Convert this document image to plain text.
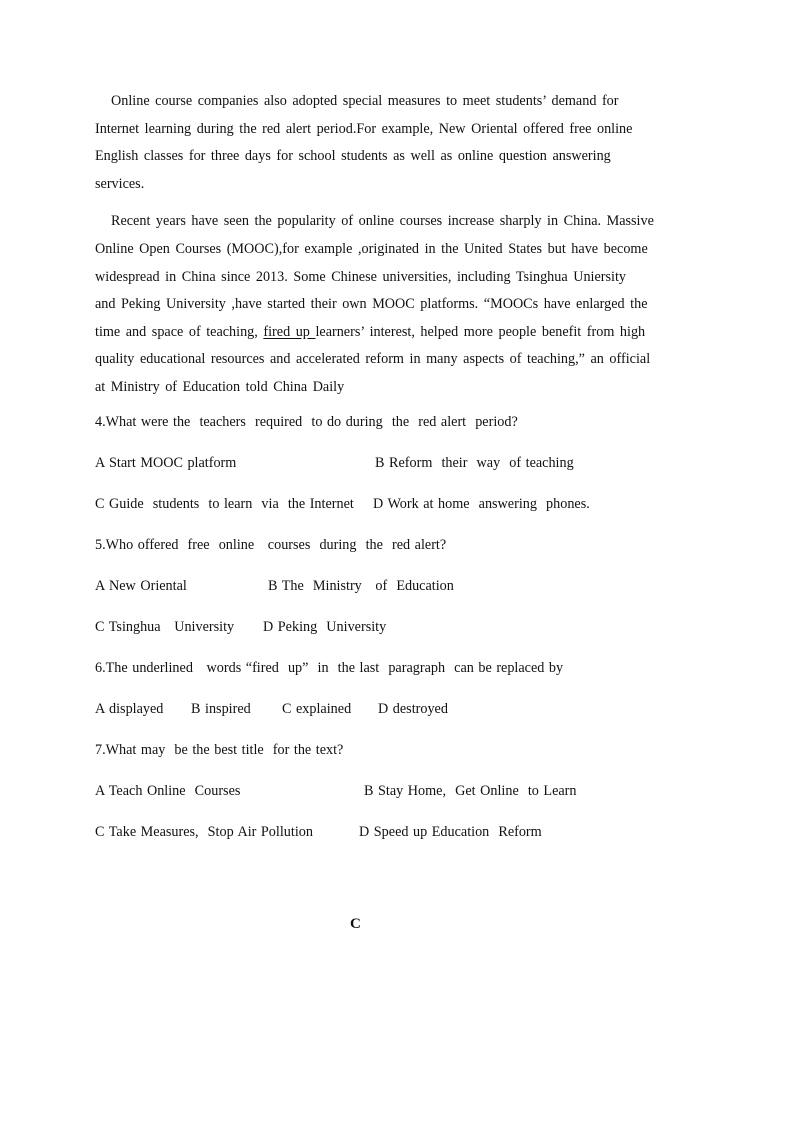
Online course companies also adopted special measures to meet students’ demand for
Internet learning during the red alert period.For example, New Oriental offered free online
English classes for three days for school students as well as online question answering
services.

Recent years have seen the popularity of online courses increase sharply in China. Massive
Online Open Courses (MOOC),for example ,originated in the United States but have become
widespread in China since 2013. Some Chinese universities, including Tsinghua Uniersity
and Peking University ,have started their own MOOC platforms. “MOOCs have enlarged the
time and space of teaching, fired up learners’ interest, helped more people benefit from high
quality educational resources and accelerated reform in many aspects of teaching,” an official
at Ministry of Education told China Daily

4.What were the  teachers  required  to do during  the  red alert  period?

A Start MOOC platform

	B Reform  their  way  of teaching

C Guide  students  to learn  via  the Internet

D Work at home  answering  phones.

5.Who offered  free  online   courses  during  the  red alert?

A New Oriental

	B The  Ministry   of  Education

C Tsinghua   University

D Peking  University

6.The underlined   words “fired  up”  in  the last  paragraph  can be replaced by

A displayed

B inspired

C explained

D destroyed

7.What may  be the best title  for the text?

A Teach Online  Courses

	B Stay Home,  Get Online  to Learn

C Take Measures,  Stop Air Pollution

	D Speed up Education  Reform

C
